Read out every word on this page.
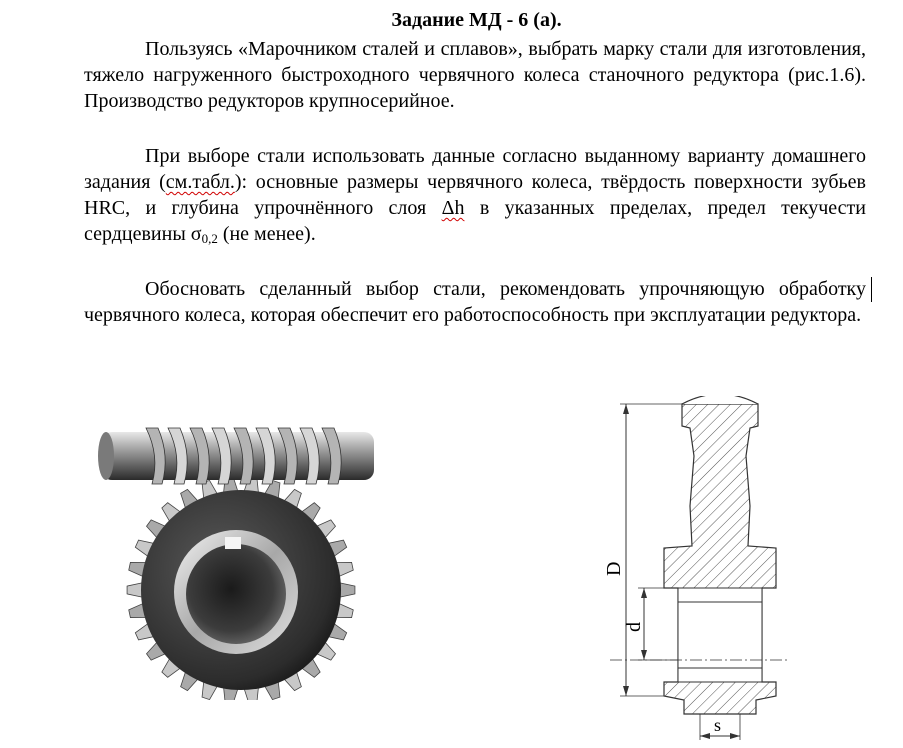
Задание МД - 6 (а).
Пользуясь «Марочником сталей и сплавов», выбрать марку стали для изготовления, тяжело нагруженного быстроходного червячного колеса станочного редуктора (рис.1.6). Производство редукторов крупносерийное.
При выборе стали использовать данные согласно выданному варианту домашнего задания (см.табл.): основные размеры червячного колеса, твёрдость поверхности зубьев HRC, и глубина упрочнённого слоя Δh в указанных пределах, предел текучести сердцевины $\sigma_{0,2}$ (не менее).
Обосновать сделанный выбор стали, рекомендовать упрочняющую обработку червячного колеса, которая обеспечит его работоспособность при эксплуатации редуктора.
D
d
s
